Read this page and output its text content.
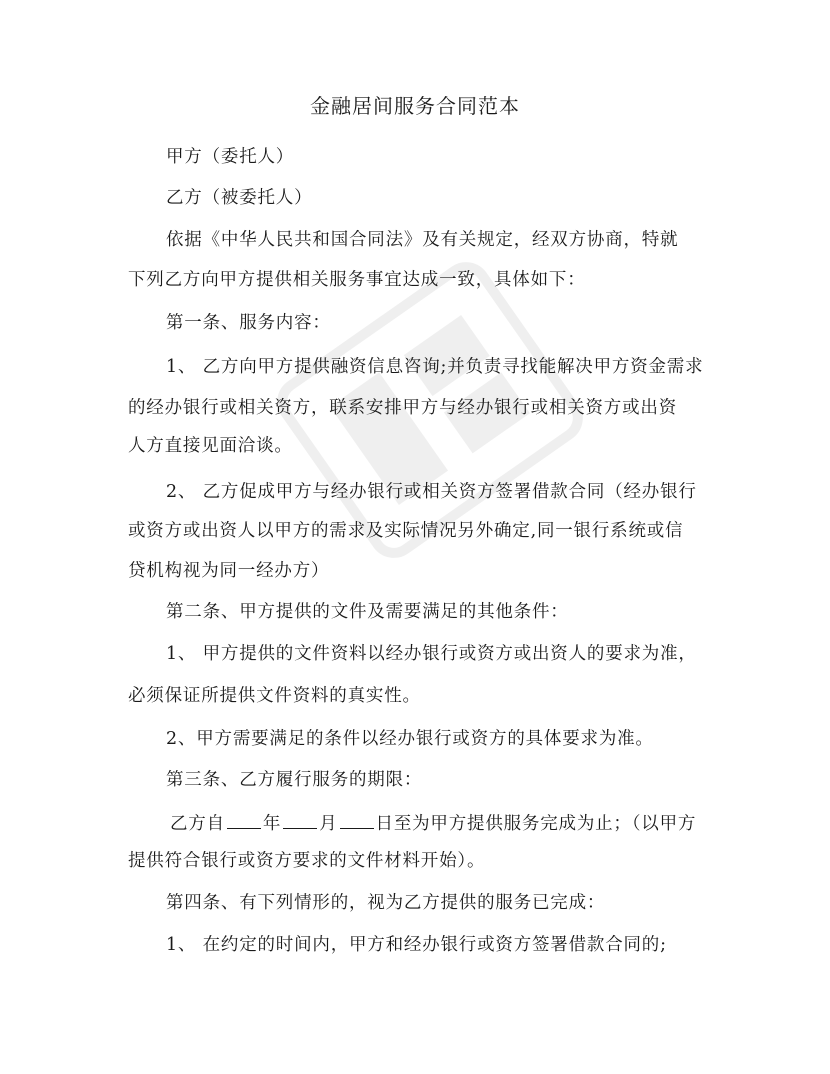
金融居间服务合同范本
甲方（委托人）
乙方（被委托人）
依据《中华人民共和国合同法》及有关规定，经双方协商，特就
下列乙方向甲方提供相关服务事宜达成一致，具体如下：
第一条、服务内容：
1、 乙方向甲方提供融资信息咨询;并负责寻找能解决甲方资金需求
的经办银行或相关资方，联系安排甲方与经办银行或相关资方或出资
人方直接见面洽谈。
2、 乙方促成甲方与经办银行或相关资方签署借款合同（经办银行
或资方或出资人以甲方的需求及实际情况另外确定,同一银行系统或信
贷机构视为同一经办方）
第二条、甲方提供的文件及需要满足的其他条件：
1、 甲方提供的文件资料以经办银行或资方或出资人的要求为准，
必须保证所提供文件资料的真实性。
2、甲方需要满足的条件以经办银行或资方的具体要求为准。
第三条、乙方履行服务的期限：
乙方自 年 月 日至为甲方提供服务完成为止；（以甲方
提供符合银行或资方要求的文件材料开始）。
第四条、有下列情形的，视为乙方提供的服务已完成：
1、 在约定的时间内，甲方和经办银行或资方签署借款合同的;
